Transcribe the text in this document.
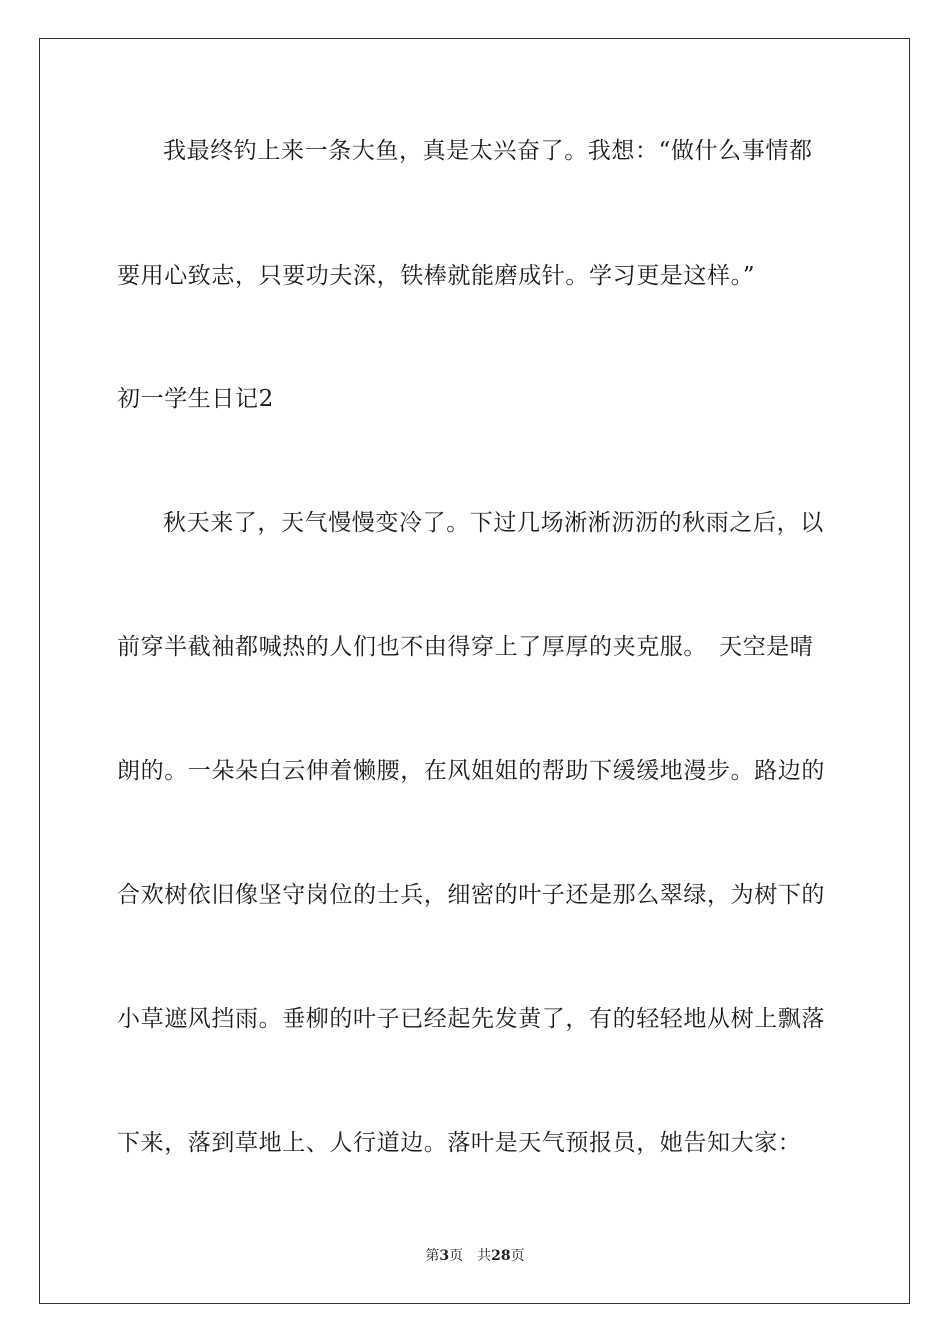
我最终钓上来一条大鱼，真是太兴奋了。我想：“做什么事情都
要用心致志，只要功夫深，铁棒就能磨成针。学习更是这样。”
初一学生日记2
秋天来了，天气慢慢变冷了。下过几场淅淅沥沥的秋雨之后，以
前穿半截袖都喊热的人们也不由得穿上了厚厚的夹克服。　天空是晴
朗的。一朵朵白云伸着懒腰，在风姐姐的帮助下缓缓地漫步。路边的
合欢树依旧像坚守岗位的士兵，细密的叶子还是那么翠绿，为树下的
小草遮风挡雨。垂柳的叶子已经起先发黄了，有的轻轻地从树上飘落
下来，落到草地上、人行道边。落叶是天气预报员，她告知大家：
第3页 共28页
